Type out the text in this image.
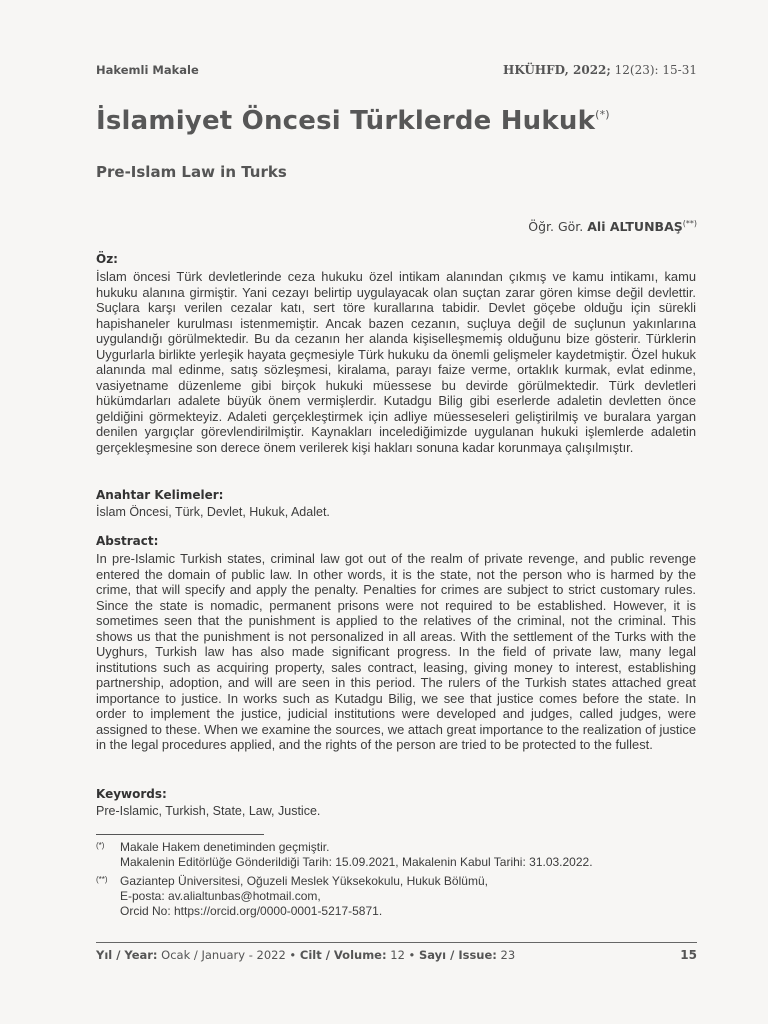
Hakemli Makale	HKÜHFD, 2022; 12(23): 15-31
İslamiyet Öncesi Türklerde Hukuk(*)
Pre-Islam Law in Turks
Öğr. Gör. Ali ALTUNBAŞ(**)
Öz:

İslam öncesi Türk devletlerinde ceza hukuku özel intikam alanından çıkmış ve kamu intikamı, kamu hukuku alanına girmiştir. Yani cezayı belirtip uygulayacak olan suçtan zarar gören kimse değil devlettir. Suçlara karşı verilen cezalar katı, sert töre kurallarına tabidir. Devlet göçebe olduğu için sürekli hapishaneler kurulması istenmemiştir. Ancak bazen cezanın, suçluya değil de suçlunun yakınlarına uygulandığı görülmektedir. Bu da cezanın her alanda kişiselleşmemiş olduğunu bize gösterir. Türklerin Uygurlarla birlikte yerleşik hayata geçmesiyle Türk hukuku da önemli gelişmeler kaydetmiştir. Özel hukuk alanında mal edinme, satış sözleşmesi, kiralama, parayı faize verme, ortaklık kurmak, evlat edinme, vasiyetname düzenleme gibi birçok hukuki müessese bu devirde görülmektedir. Türk devletleri hükümdarları adalete büyük önem vermişlerdir. Kutadgu Bilig gibi eserlerde adaletin devletten önce geldiğini görmekteyiz. Adaleti gerçekleştirmek için adliye müesseseleri geliştirilmiş ve buralara yargan denilen yargıçlar görevlendirilmiştir. Kaynakları incelediğimizde uygulanan hukuki işlemlerde adaletin gerçekleşmesine son derece önem verilerek kişi hakları sonuna kadar korunmaya çalışılmıştır.

Anahtar Kelimeler:

İslam Öncesi, Türk, Devlet, Hukuk, Adalet.

Abstract:

In pre-Islamic Turkish states, criminal law got out of the realm of private revenge, and public revenge entered the domain of public law. In other words, it is the state, not the person who is harmed by the crime, that will specify and apply the penalty. Penalties for crimes are subject to strict customary rules. Since the state is nomadic, permanent prisons were not required to be established. However, it is sometimes seen that the punishment is applied to the relatives of the criminal, not the criminal. This shows us that the punishment is not personalized in all areas. With the settlement of the Turks with the Uyghurs, Turkish law has also made significant progress. In the field of private law, many legal institutions such as acquiring property, sales contract, leasing, giving money to interest, establishing partnership, adoption, and will are seen in this period. The rulers of the Turkish states attached great importance to justice. In works such as Kutadgu Bilig, we see that justice comes before the state. In order to implement the justice, judicial institutions were developed and judges, called judges, were assigned to these. When we examine the sources, we attach great importance to the realization of justice in the legal procedures applied, and the rights of the person are tried to be protected to the fullest.

Keywords:

Pre-Islamic, Turkish, State, Law, Justice.

(*) Makale Hakem denetiminden geçmiştir.
Makalenin Editörlüğe Gönderildiği Tarih: 15.09.2021, Makalenin Kabul Tarihi: 31.03.2022.
(**) Gaziantep Üniversitesi, Oğuzeli Meslek Yüksekokulu, Hukuk Bölümü,
E-posta: av.alialtunbas@hotmail.com,
Orcid No: https://orcid.org/0000-0001-5217-5871.
Yıl / Year: Ocak / January - 2022 • Cilt / Volume: 12 • Sayı / Issue: 23	15
